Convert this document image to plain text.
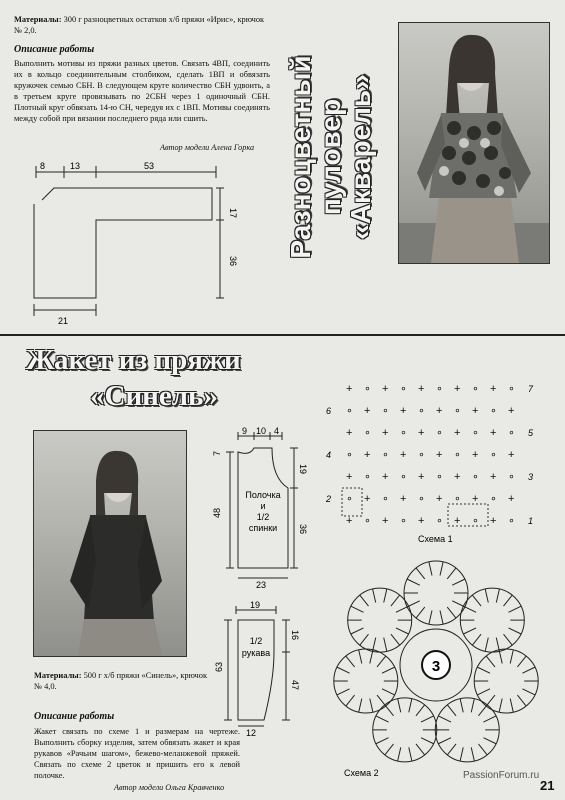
Материалы: 300 г разноцветных остатков х/б пряжи «Ирис», крючок № 2,0.
Описание работы
Выполнить мотивы из пряжи разных цветов. Связать 4ВП, соединить их в кольцо соединительным столбиком, сделать 1ВП и обвязать кружочек семью СБН. В следующем круге количество СБН удвоить, а в третьем круге провязывать по 2СБН через 1 одиночный СБН. Плотный круг обвязать 14-ю СН, чередуя их с 1ВП. Мотивы соединять между собой при вязании последнего ряда или сшить.
Автор модели Алена Горка
8	13	53
17
36
21
Разноцветный пуловер «Акварель»
Жакет из пряжи
«Синель»
Материалы: 500 г х/б пряжи «Синель», крючок № 4,0.
Описание работы
Жакет связать по схеме 1 и размерам на чертеже. Выполнить сборку изделия, затем обвязать жакет и края рукавов «Рачьим шагом», бежево-меланжевой пряжей. Связать по схеме 2 цветок и пришить его к левой полочке.
Автор модели Ольга Кравченко
9 10 4
7
48
19
36
23
Полочка
и
1/2
спинки
19
16
63
47
12
1/2
рукава
+ ∘ + ∘ + ∘ + ∘ + ∘
∘ + ∘ + ∘ + ∘ + ∘ +
+ ∘ + ∘ + ∘ + ∘ + ∘
∘ + ∘ + ∘ + ∘ + ∘ +
+ ∘ + ∘ + ∘ + ∘ + ∘
∘ + ∘ + ∘ + ∘ + ∘ +
+ ∘ + ∘ + ∘ + ∘ + ∘
7
6
5
4
3
2
1
Схема 1
3
Схема 2	PassionForum.ru
21
